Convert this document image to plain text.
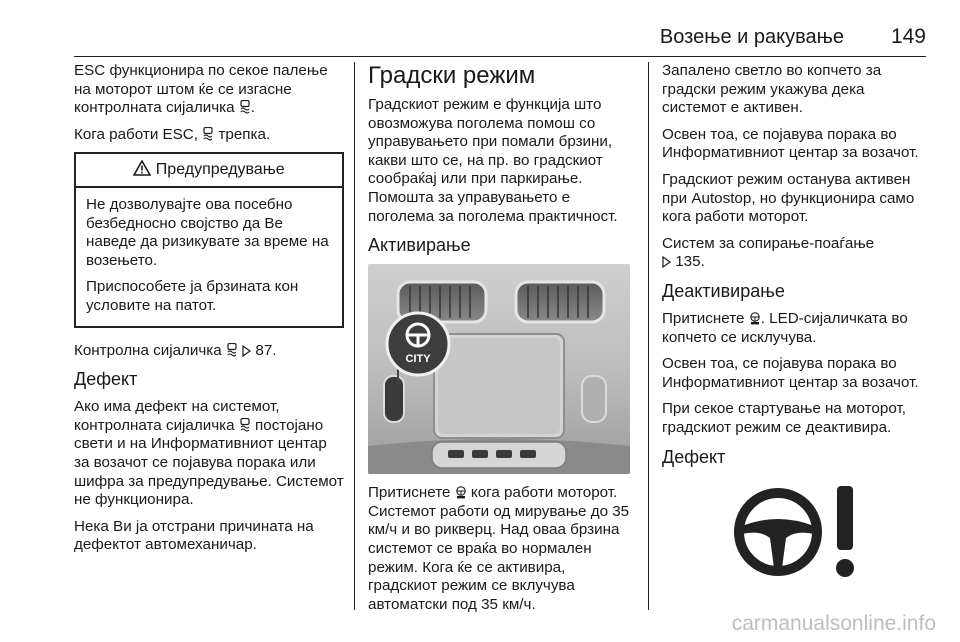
Возење и ракување 149

ESC функционира по секое палење на моторот штом ќе се изгасне контролната сијаличка .

Кога работи ESC, трепка.

Предупредување

Не дозволувајте ова посебно безбедносно својство да Ве наведе да ризикувате за време на возењето.

Приспособете ја брзината кон условите на патот.

Контролна сијаличка 87.

Дефект

Ако има дефект на системот, контролната сијаличка постојано свети и на Информативниот центар за возачот се појавува порака или шифра за предупредување. Системот не функционира.

Нека Ви ја отстрани причината на дефектот автомеханичар.

Градски режим

Градскиот режим е функција што овозможува поголема помош со управувањето при помали брзини, какви што се, на пр. во градскиот сообраќај или при паркирање. Помошта за управувањето е поголема за поголема практичност.

Активирање
CITY

Притиснете кога работи моторот. Системот работи од мирување до 35 км/ч и во рикверц. Над оваа брзина системот се враќа во нормален режим. Кога ќе се активира, градскиот режим се вклучува автоматски под 35 км/ч.

Запалено светло во копчето за градски режим укажува дека системот е активен.

Освен тоа, се појавува порака во Информативниот центар за возачот.

Градскиот режим останува активен при Autostop, но функционира само кога работи моторот.

Систем за сопирање-поаѓање
135.

Деактивирање

Притиснете . LED-сијаличката во копчето се исклучува.

Освен тоа, се појавува порака во Информативниот центар за возачот.

При секое стартување на моторот, градскиот режим се деактивира.

Дефект
carmanualsonline.info
